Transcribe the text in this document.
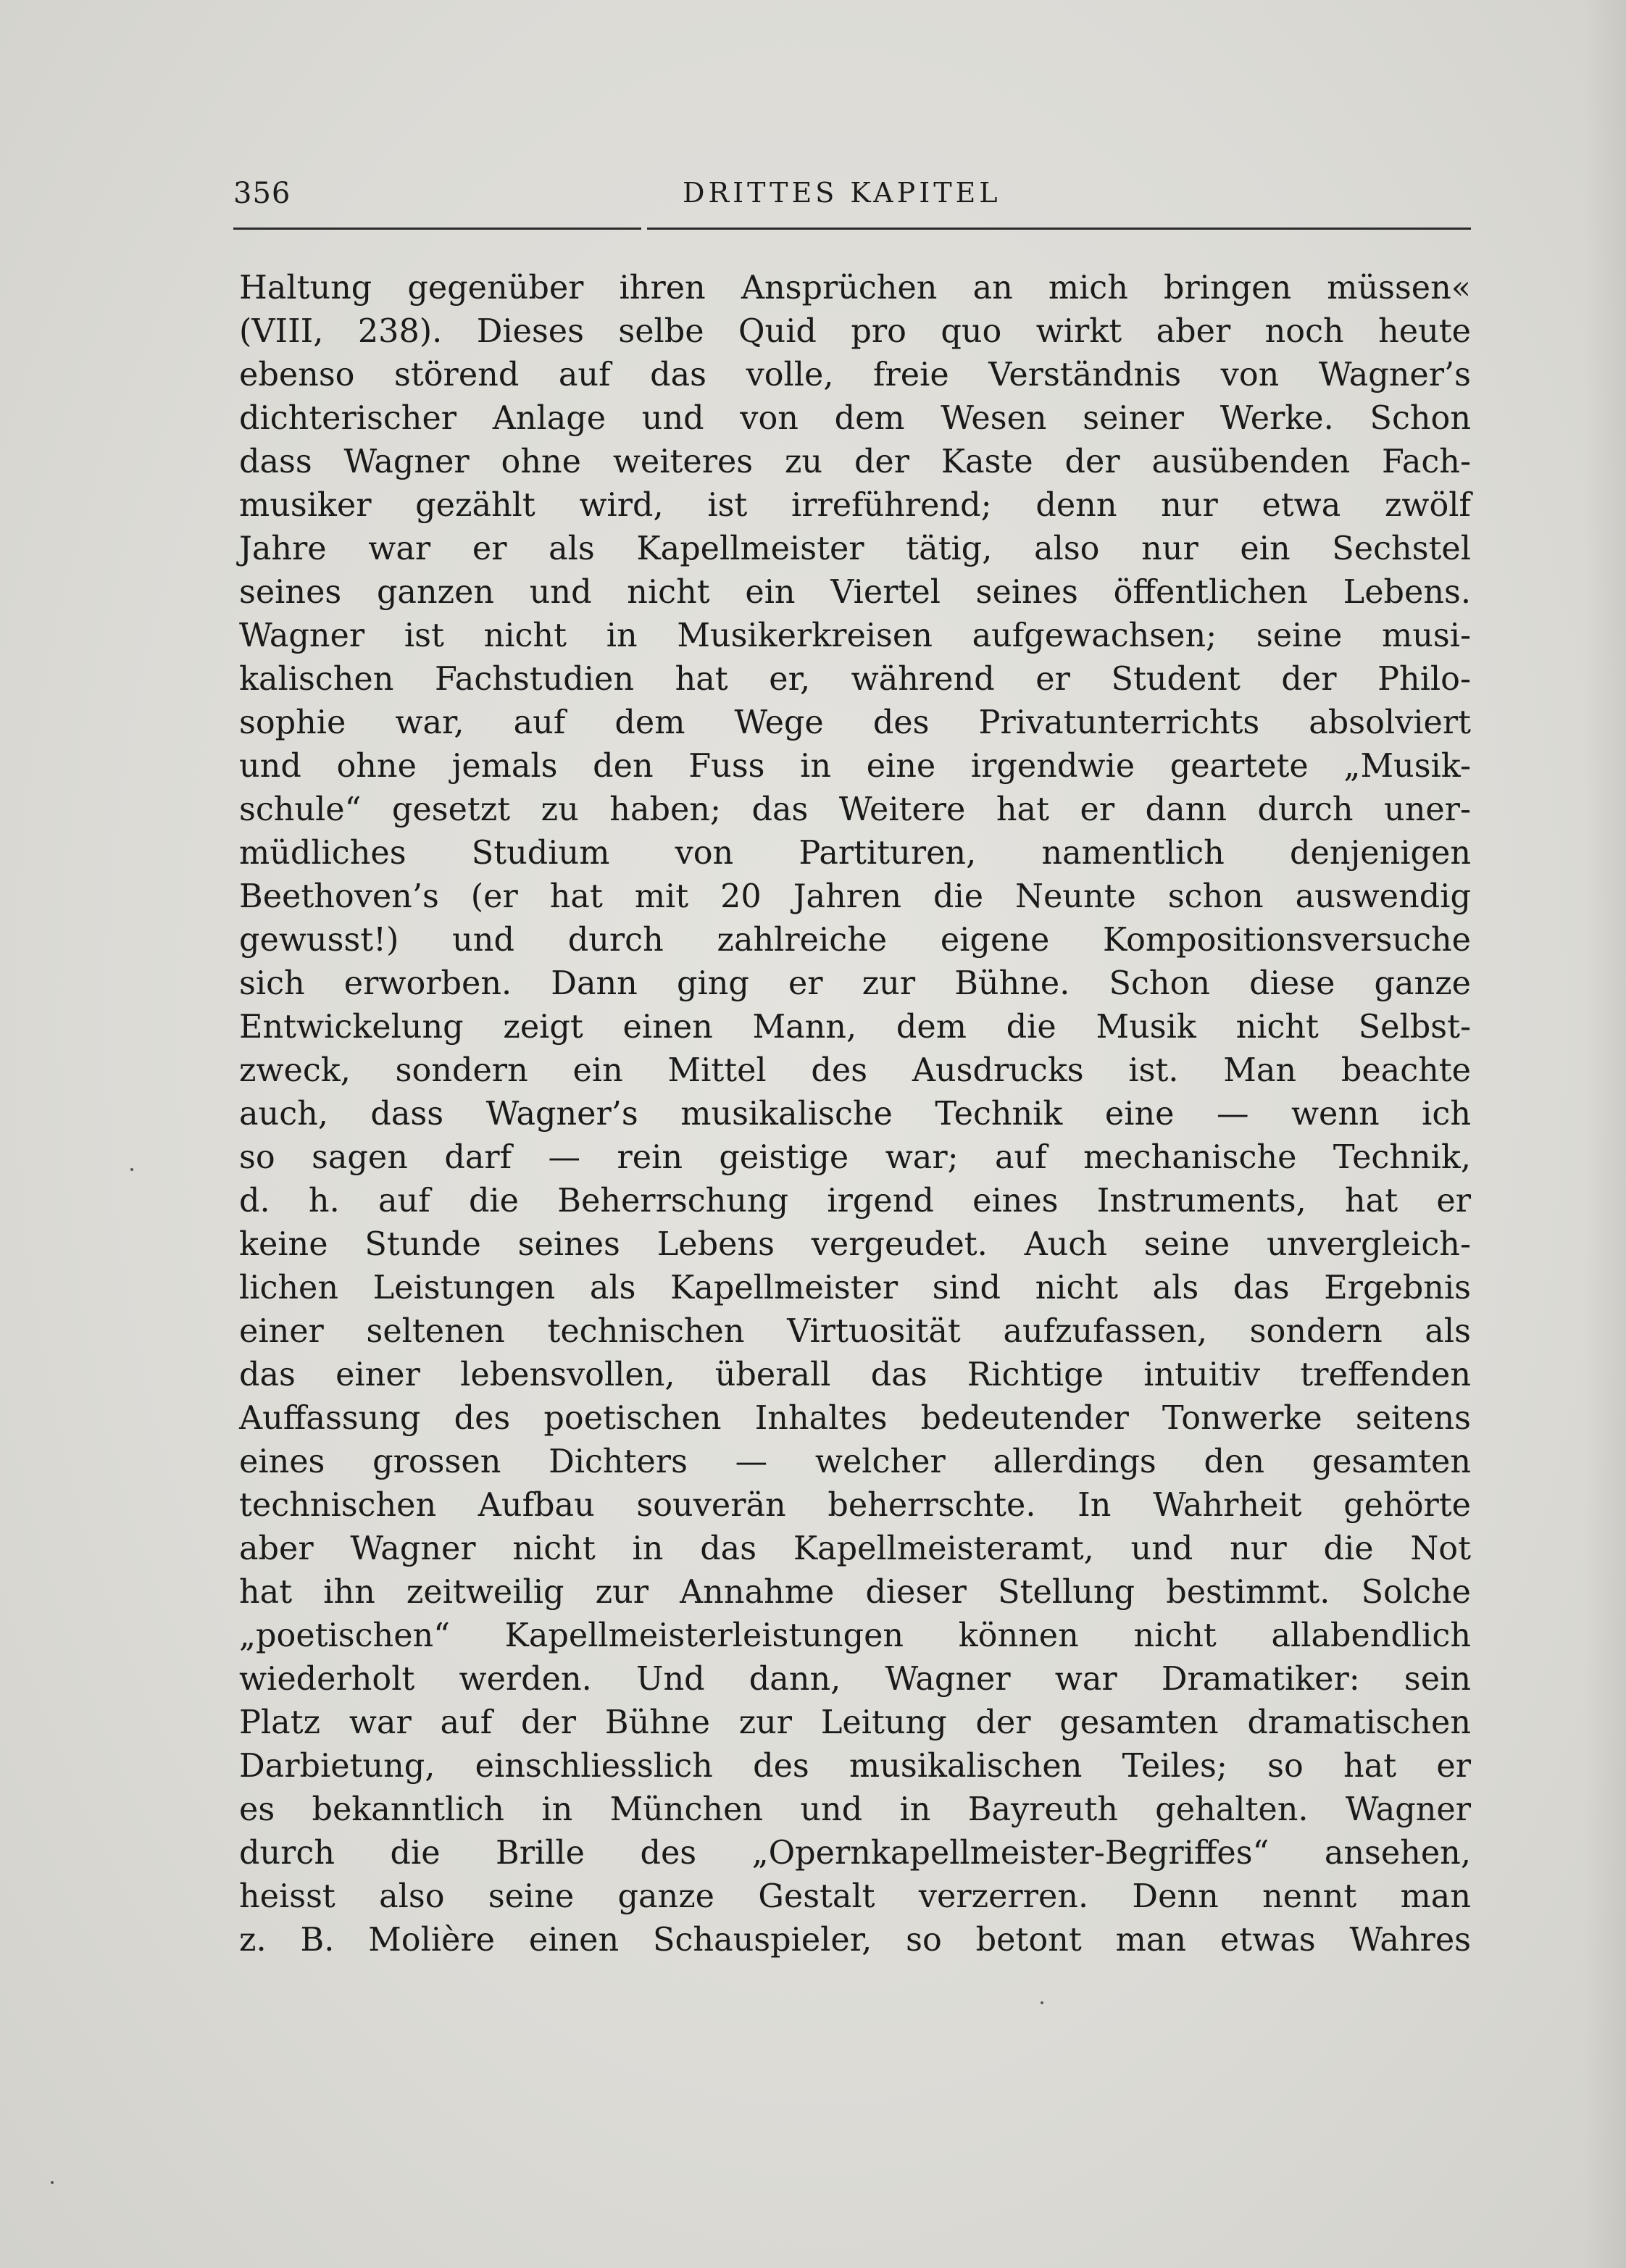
356	DRITTES KAPITEL
Haltung gegenüber ihren Ansprüchen an mich bringen müssen«
(VIII, 238). Dieses selbe Quid pro quo wirkt aber noch heute
ebenso störend auf das volle, freie Verständnis von Wagner’s
dichterischer Anlage und von dem Wesen seiner Werke. Schon
dass Wagner ohne weiteres zu der Kaste der ausübenden Fach-
musiker gezählt wird, ist irreführend; denn nur etwa zwölf
Jahre war er als Kapellmeister tätig, also nur ein Sechstel
seines ganzen und nicht ein Viertel seines öffentlichen Lebens.
Wagner ist nicht in Musikerkreisen aufgewachsen; seine musi-
kalischen Fachstudien hat er, während er Student der Philo-
sophie war, auf dem Wege des Privatunterrichts absolviert
und ohne jemals den Fuss in eine irgendwie geartete „Musik-
schule“ gesetzt zu haben; das Weitere hat er dann durch uner-
müdliches Studium von Partituren, namentlich denjenigen
Beethoven’s (er hat mit 20 Jahren die Neunte schon auswendig
gewusst!) und durch zahlreiche eigene Kompositionsversuche
sich erworben. Dann ging er zur Bühne. Schon diese ganze
Entwickelung zeigt einen Mann, dem die Musik nicht Selbst-
zweck, sondern ein Mittel des Ausdrucks ist. Man beachte
auch, dass Wagner’s musikalische Technik eine — wenn ich
so sagen darf — rein geistige war; auf mechanische Technik,
d. h. auf die Beherrschung irgend eines Instruments, hat er
keine Stunde seines Lebens vergeudet. Auch seine unvergleich-
lichen Leistungen als Kapellmeister sind nicht als das Ergebnis
einer seltenen technischen Virtuosität aufzufassen, sondern als
das einer lebensvollen, überall das Richtige intuitiv treffenden
Auffassung des poetischen Inhaltes bedeutender Tonwerke seitens
eines grossen Dichters — welcher allerdings den gesamten
technischen Aufbau souverän beherrschte. In Wahrheit gehörte
aber Wagner nicht in das Kapellmeisteramt, und nur die Not
hat ihn zeitweilig zur Annahme dieser Stellung bestimmt. Solche
„poetischen“ Kapellmeisterleistungen können nicht allabendlich
wiederholt werden. Und dann, Wagner war Dramatiker: sein
Platz war auf der Bühne zur Leitung der gesamten dramatischen
Darbietung, einschliesslich des musikalischen Teiles; so hat er
es bekanntlich in München und in Bayreuth gehalten. Wagner
durch die Brille des „Opernkapellmeister-Begriffes“ ansehen,
heisst also seine ganze Gestalt verzerren. Denn nennt man
z. B. Molière einen Schauspieler, so betont man etwas Wahres
